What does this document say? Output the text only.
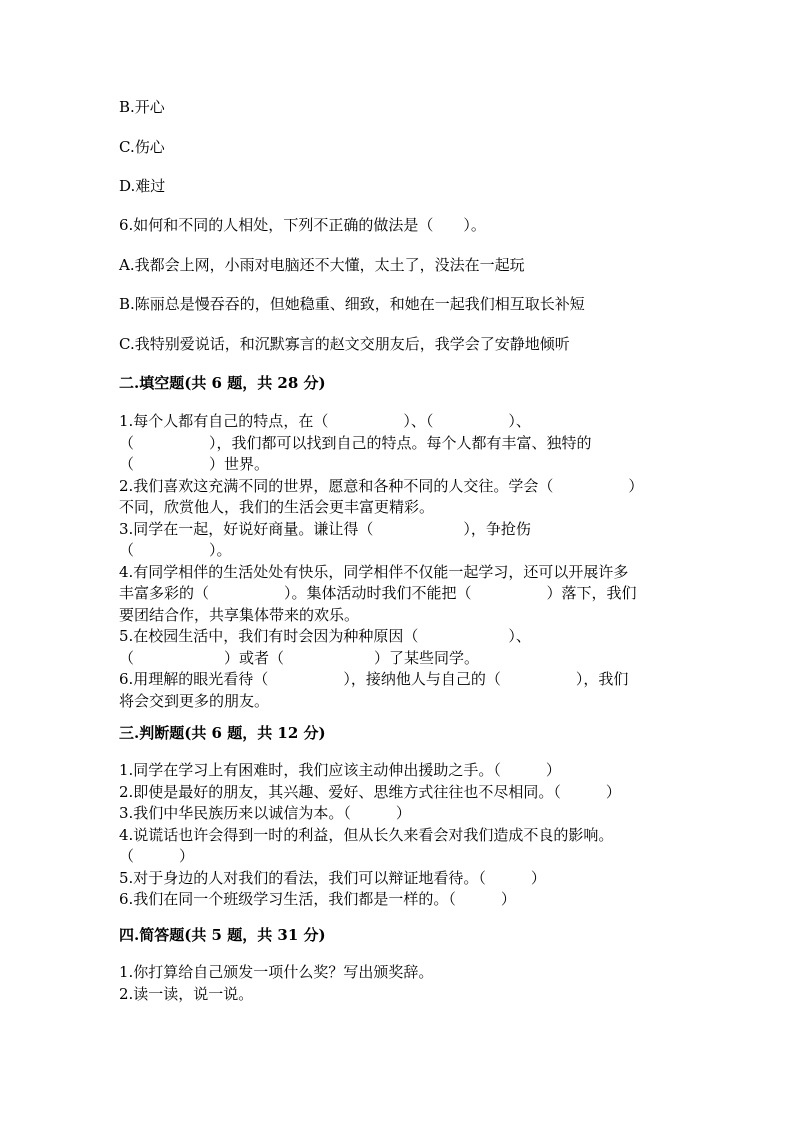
B.开心
C.伤心
D.难过
6.如何和不同的人相处，下列不正确的做法是（　　）。
A.我都会上网，小雨对电脑还不大懂，太土了，没法在一起玩
B.陈丽总是慢吞吞的，但她稳重、细致，和她在一起我们相互取长补短
C.我特别爱说话，和沉默寡言的赵文交朋友后，我学会了安静地倾听
二.填空题(共 6 题，共 28 分)
1.每个人都有自己的特点，在（　　　　　）、（　　　　　）、
（　　　　　），我们都可以找到自己的特点。每个人都有丰富、独特的
（　　　　　）世界。
2.我们喜欢这充满不同的世界，愿意和各种不同的人交往。学会（　　　　　）
不同，欣赏他人，我们的生活会更丰富更精彩。
3.同学在一起，好说好商量。谦让得（　　　　　　），争抢伤
（　　　　　）。
4.有同学相伴的生活处处有快乐，同学相伴不仅能一起学习，还可以开展许多
丰富多彩的（　　　　　）。集体活动时我们不能把（　　　　　）落下，我们
要团结合作，共享集体带来的欢乐。
5.在校园生活中，我们有时会因为种种原因（　　　　　　）、
（　　　　　　）或者（　　　　　　）了某些同学。
6.用理解的眼光看待（　　　　　），接纳他人与自己的（　　　　　），我们
将会交到更多的朋友。
三.判断题(共 6 题，共 12 分)
1.同学在学习上有困难时，我们应该主动伸出援助之手。（　　　）
2.即使是最好的朋友，其兴趣、爱好、思维方式往往也不尽相同。（　　　）
3.我们中华民族历来以诚信为本。（　　　）
4.说谎话也许会得到一时的利益，但从长久来看会对我们造成不良的影响。
（　　　）
5.对于身边的人对我们的看法，我们可以辩证地看待。（　　　）
6.我们在同一个班级学习生活，我们都是一样的。（　　　）
四.简答题(共 5 题，共 31 分)
1.你打算给自己颁发一项什么奖？写出颁奖辞。
2.读一读，说一说。
